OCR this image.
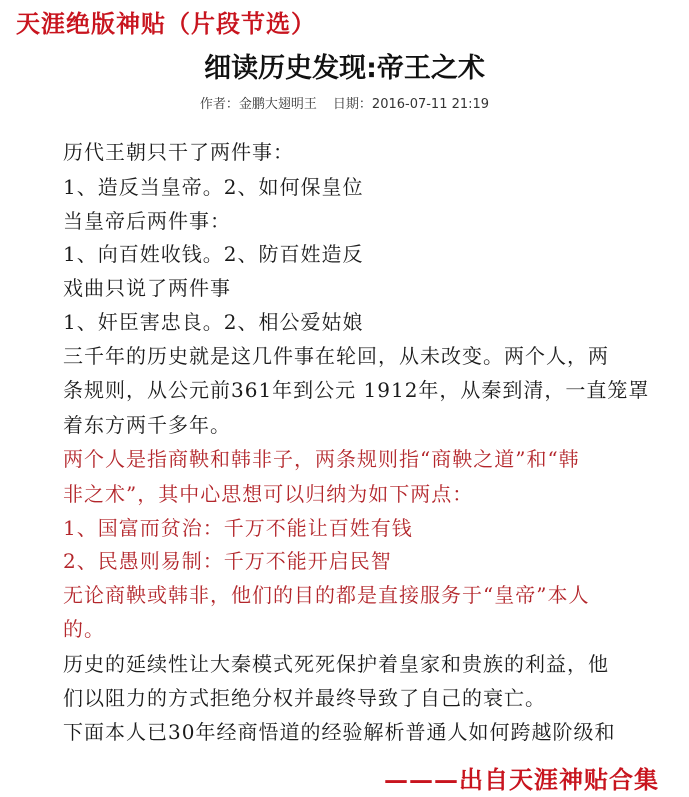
天涯绝版神贴（片段节选）
细读历史发现:帝王之术
作者：金鹏大翅明王 日期：2016-07-11 21:19
历代王朝只干了两件事：
1、造反当皇帝。2、如何保皇位
当皇帝后两件事：
1、向百姓收钱。2、防百姓造反
戏曲只说了两件事
1、奸臣害忠良。2、相公爱姑娘
三千年的历史就是这几件事在轮回，从未改变。两个人，两
条规则，从公元前361年到公元 1912年，从秦到清，一直笼罩
着东方两千多年。
两个人是指商鞅和韩非子，两条规则指“商鞅之道”和“韩
非之术”，其中心思想可以归纳为如下两点：
1、国富而贫治：千万不能让百姓有钱
2、民愚则易制：千万不能开启民智
无论商鞅或韩非，他们的目的都是直接服务于“皇帝”本人
的。
历史的延续性让大秦模式死死保护着皇家和贵族的利益，他
们以阻力的方式拒绝分权并最终导致了自己的衰亡。
下面本人已30年经商悟道的经验解析普通人如何跨越阶级和
———出自天涯神贴合集
